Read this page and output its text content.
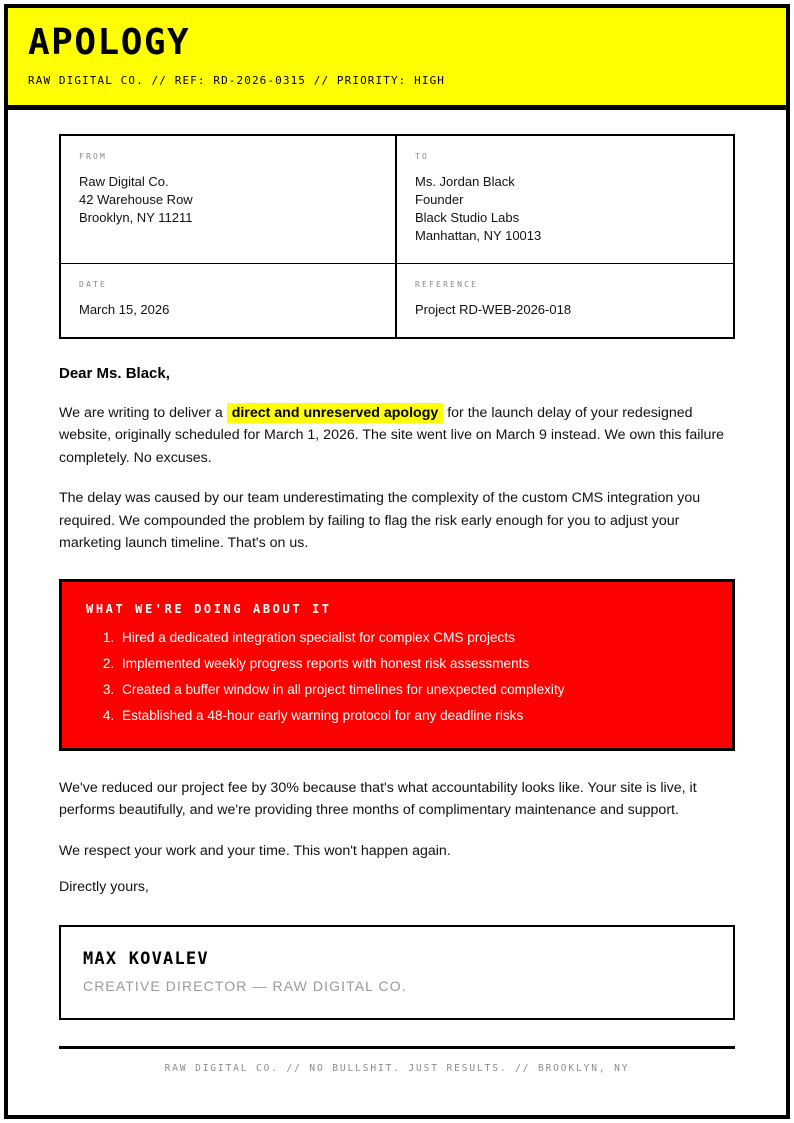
APOLOGY

RAW DIGITAL CO. // REF: RD-2026-0315 // PRIORITY: HIGH

FROM
Raw Digital Co.
42 Warehouse Row
Brooklyn, NY 11211
TO
Ms. Jordan Black
Founder
Black Studio Labs
Manhattan, NY 10013
DATE
March 15, 2026
REFERENCE
Project RD-WEB-2026-018

Dear Ms. Black,

We are writing to deliver a direct and unreserved apology for the launch delay of your redesigned website, originally scheduled for March 1, 2026. The site went live on March 9 instead. We own this failure completely. No excuses.

The delay was caused by our team underestimating the complexity of the custom CMS integration you required. We compounded the problem by failing to flag the risk early enough for you to adjust your marketing launch timeline. That's on us.

WHAT WE'RE DOING ABOUT IT
1. Hired a dedicated integration specialist for complex CMS projects
2. Implemented weekly progress reports with honest risk assessments
3. Created a buffer window in all project timelines for unexpected complexity
4. Established a 48-hour early warning protocol for any deadline risks

We've reduced our project fee by 30% because that's what accountability looks like. Your site is live, it performs beautifully, and we're providing three months of complimentary maintenance and support.

We respect your work and your time. This won't happen again.

Directly yours,

MAX KOVALEV
CREATIVE DIRECTOR — RAW DIGITAL CO.

RAW DIGITAL CO. // NO BULLSHIT. JUST RESULTS. // BROOKLYN, NY
